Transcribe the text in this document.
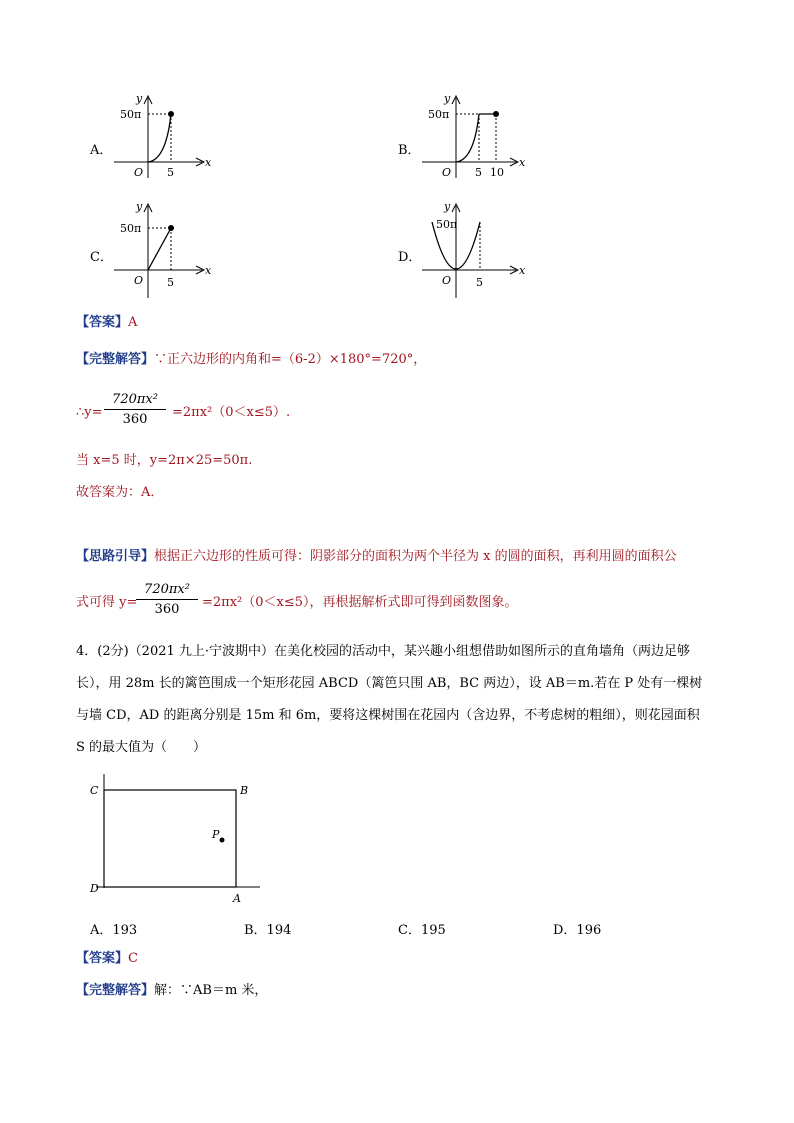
A．
y
x
O
50π
5
B．
y
x
O
50π
5 10
C．
y
x
O
50π
5
D．
y
x
O
50π
5
【答案】A
【完整解答】∵正六边形的内角和=（6-2）×180°=720°，
∴y=
720πx²
360	=2πx²（0＜x≤5）.
当 x=5 时，y=2π×25=50π.
故答案为：A．
【思路引导】根据正六边形的性质可得：阴影部分的面积为两个半径为 x 的圆的面积，再利用圆的面积公
式可得 y=
720πx²
360	=2πx²（0＜x≤5），再根据解析式即可得到函数图象。
4．(2分)（2021 九上·宁波期中）在美化校园的活动中，某兴趣小组想借助如图所示的直角墙角（两边足够
长），用 28m 长的篱笆围成一个矩形花园 ABCD（篱笆只围 AB，BC 两边），设 AB＝m.若在 P 处有一棵树
与墙 CD，AD 的距离分别是 15m 和 6m，要将这棵树围在花园内（含边界，不考虑树的粗细），则花园面积
S 的最大值为（　　）
C	B
D
A
P
A．193	B．194	C．195	D．196
【答案】C
【完整解答】解：∵AB＝m 米，
